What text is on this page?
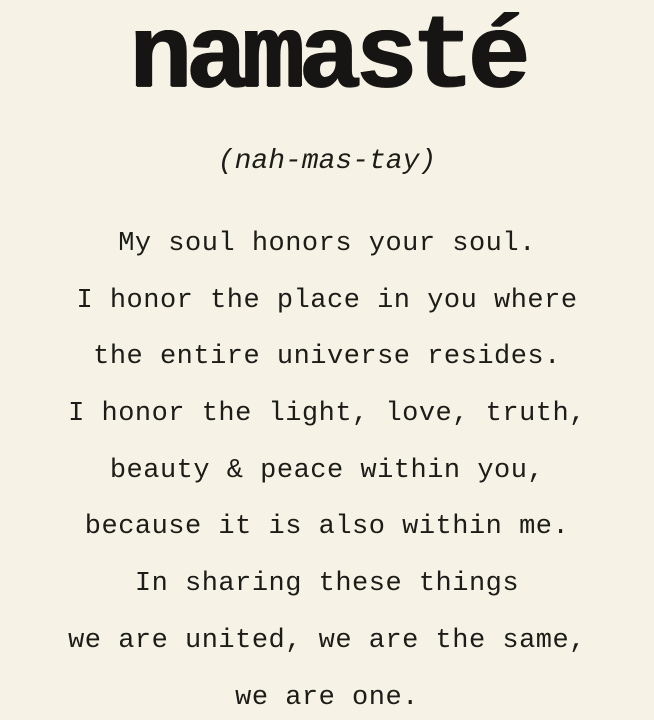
namasté

(nah-mas-tay)

My soul honors your soul.
I honor the place in you where
the entire universe resides.
I honor the light, love, truth,
beauty & peace within you,
because it is also within me.
In sharing these things
we are united, we are the same,
we are one.
